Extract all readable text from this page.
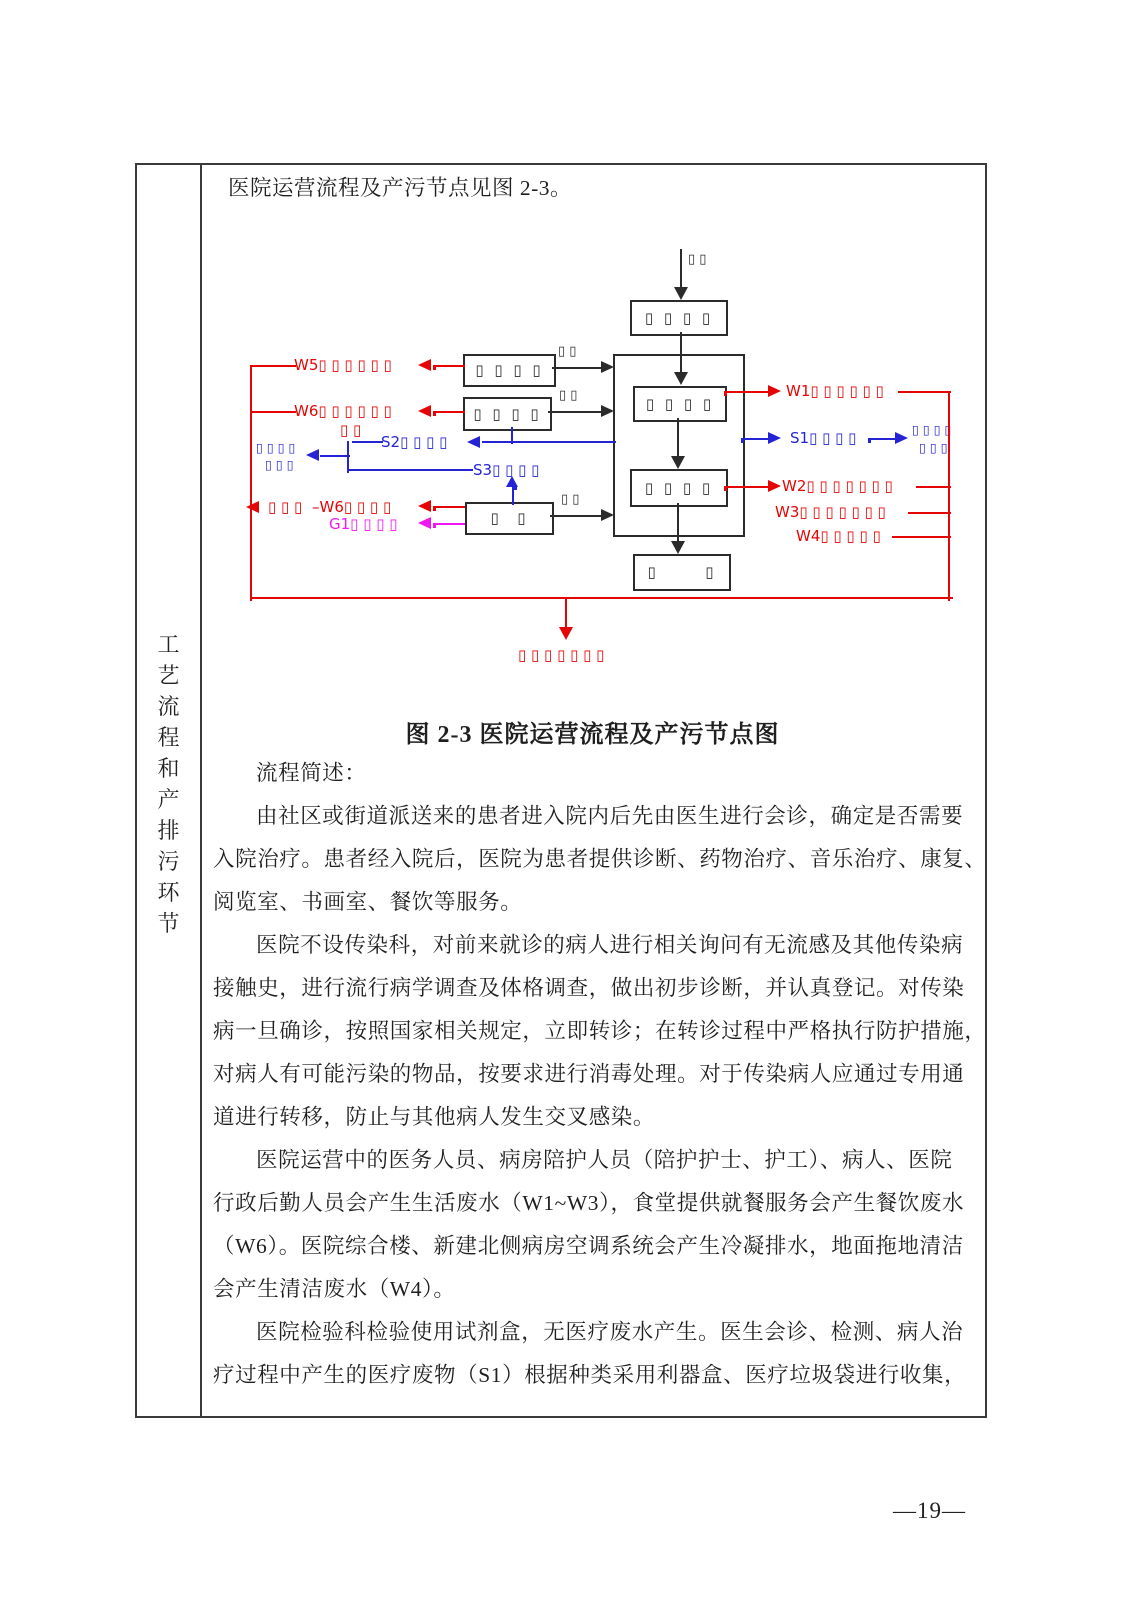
工艺流程和产排污环节
医院运营流程及产污节点见图 2-3。
▯ ▯ ▯ ▯
▯ ▯ ▯ ▯
▯ ▯ ▯ ▯
▯ ▯ ▯ ▯
▯ ▯ ▯ ▯
▯  ▯
▯      ▯
▯ ▯
▯ ▯
▯ ▯
▯ ▯
W5▯ ▯ ▯ ▯ ▯ ▯
W6▯ ▯ ▯ ▯ ▯ ▯
▯ ▯
S2▯ ▯ ▯ ▯
▯ ▯ ▯ ▯
▯ ▯ ▯	S3▯ ▯ ▯ ▯
▯ ▯ ▯ –W6▯ ▯ ▯ ▯
G1▯ ▯ ▯ ▯
W1▯ ▯ ▯ ▯ ▯ ▯
S1▯ ▯ ▯ ▯	▯ ▯ ▯ ▯
▯ ▯ ▯
W2▯ ▯ ▯ ▯ ▯ ▯ ▯
W3▯ ▯ ▯ ▯ ▯ ▯ ▯
W4▯ ▯ ▯ ▯ ▯
▯ ▯ ▯ ▯ ▯ ▯ ▯
图 2-3 医院运营流程及产污节点图
流程简述：
由社区或街道派送来的患者进入院内后先由医生进行会诊，确定是否需要
入院治疗。患者经入院后，医院为患者提供诊断、药物治疗、音乐治疗、康复、
阅览室、书画室、餐饮等服务。
医院不设传染科，对前来就诊的病人进行相关询问有无流感及其他传染病
接触史，进行流行病学调查及体格调查，做出初步诊断，并认真登记。对传染
病一旦确诊，按照国家相关规定，立即转诊；在转诊过程中严格执行防护措施，
对病人有可能污染的物品，按要求进行消毒处理。对于传染病人应通过专用通
道进行转移，防止与其他病人发生交叉感染。
医院运营中的医务人员、病房陪护人员（陪护护士、护工）、病人、医院
行政后勤人员会产生生活废水（W1~W3），食堂提供就餐服务会产生餐饮废水
（W6）。医院综合楼、新建北侧病房空调系统会产生冷凝排水，地面拖地清洁
会产生清洁废水（W4）。
医院检验科检验使用试剂盒，无医疗废水产生。医生会诊、检测、病人治
疗过程中产生的医疗废物（S1）根据种类采用利器盒、医疗垃圾袋进行收集，
—19—
